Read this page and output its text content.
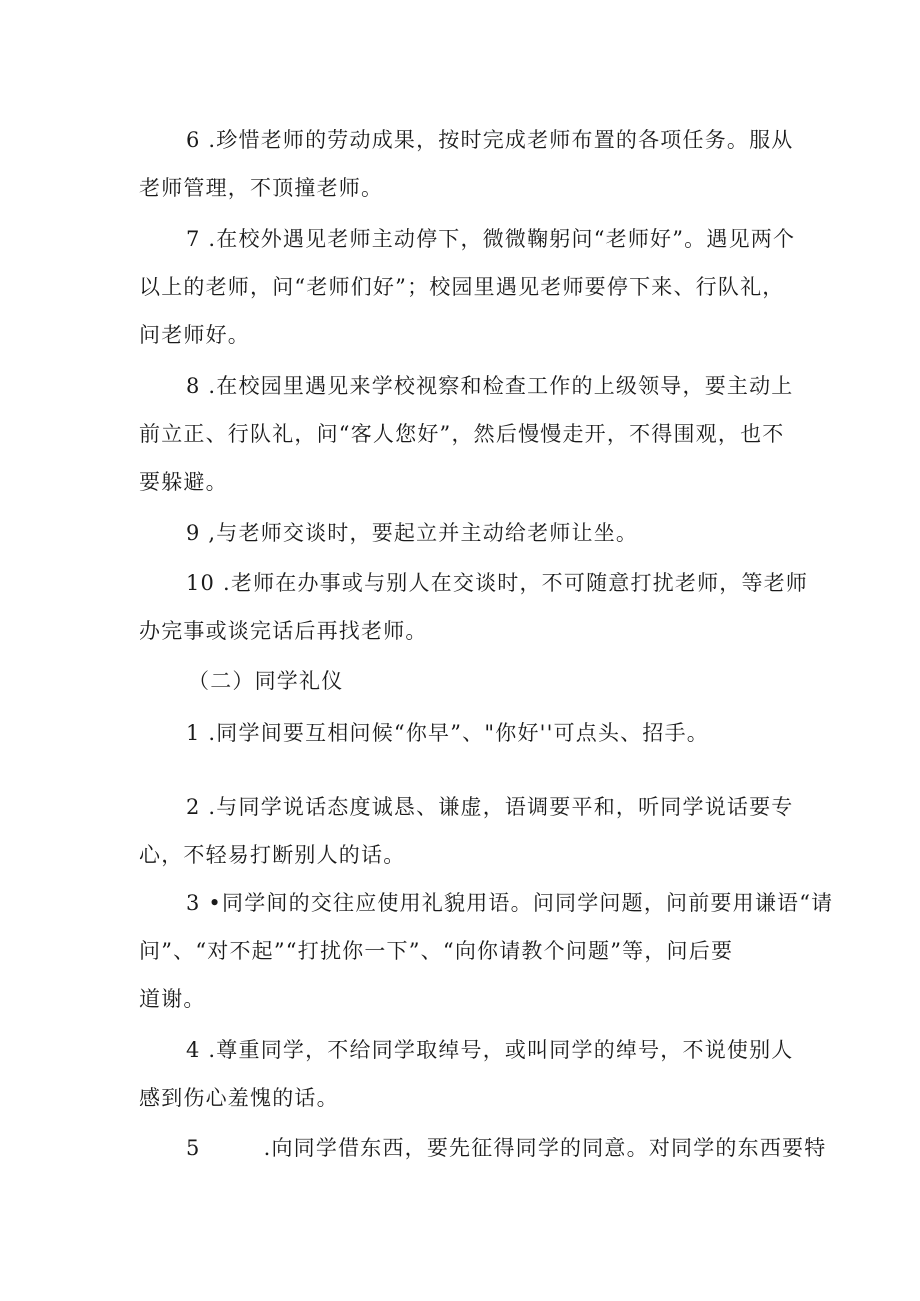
6 .珍惜老师的劳动成果，按时完成老师布置的各项任务。服从
老师管理，不顶撞老师。
7 .在校外遇见老师主动停下，微微鞠躬问“老师好”。遇见两个
以上的老师，问“老师们好”；校园里遇见老师要停下来、行队礼，
问老师好。
8 .在校园里遇见来学校视察和检查工作的上级领导，要主动上
前立正、行队礼，问“客人您好”，然后慢慢走开，不得围观，也不
要躲避。
9 ,与老师交谈时，要起立并主动给老师让坐。
10 .老师在办事或与别人在交谈时，不可随意打扰老师，等老师
办完事或谈完话后再找老师。
（二）同学礼仪
1 .同学间要互相问候“你早”、"你好''可点头、招手。
2 .与同学说话态度诚恳、谦虚，语调要平和，听同学说话要专
心，不轻易打断别人的话。
3 •同学间的交往应使用礼貌用语。问同学问题，问前要用谦语“请
问”、“对不起”“打扰你一下”、“向你请教个问题”等，问后要
道谢。
4 .尊重同学，不给同学取绰号，或叫同学的绰号，不说使别人
感到伤心羞愧的话。
5        .向同学借东西，要先征得同学的同意。对同学的东西要特
